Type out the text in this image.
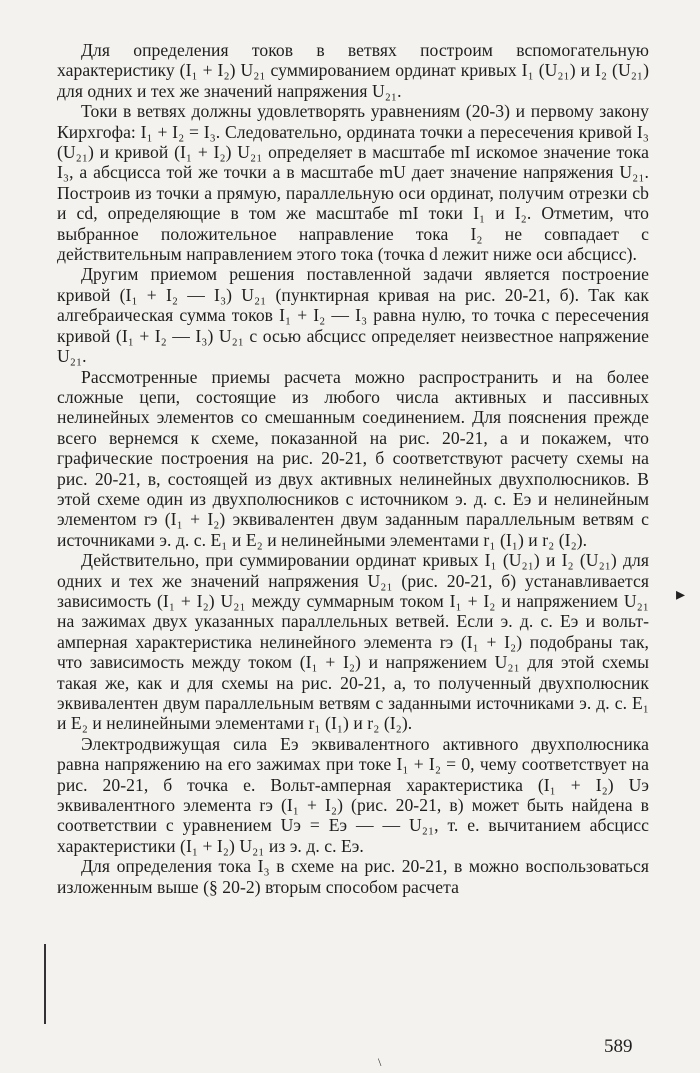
Для определения токов в ветвях построим вспомогательную характеристику (I₁ + I₂) U₂₁ суммированием ординат кривых I₁ (U₂₁) и I₂ (U₂₁) для одних и тех же значений напряжения U₂₁.

Токи в ветвях должны удовлетворять уравнениям (20-3) и первому закону Кирхгофа: I₁ + I₂ = I₃. Следовательно, ордината точки a пересечения кривой I₃ (U₂₁) и кривой (I₁ + I₂) U₂₁ определяет в масштабе mI искомое значение тока I₃, а абсцисса той же точки a в масштабе mU дает значение напряжения U₂₁. Построив из точки a прямую, параллельную оси ординат, получим отрезки cb и cd, определяющие в том же масштабе mI токи I₁ и I₂. Отметим, что выбранное положительное направление тока I₂ не совпадает с действительным направлением этого тока (точка d лежит ниже оси абсцисс).

Другим приемом решения поставленной задачи является построение кривой (I₁ + I₂ — I₃) U₂₁ (пунктирная кривая на рис. 20-21, б). Так как алгебраическая сумма токов I₁ + I₂ — I₃ равна нулю, то точка c пересечения кривой (I₁ + I₂ — I₃) U₂₁ с осью абсцисс определяет неизвестное напряжение U₂₁.

Рассмотренные приемы расчета можно распространить и на более сложные цепи, состоящие из любого числа активных и пассивных нелинейных элементов со смешанным соединением. Для пояснения прежде всего вернемся к схеме, показанной на рис. 20-21, а и покажем, что графические построения на рис. 20-21, б соответствуют расчету схемы на рис. 20-21, в, состоящей из двух активных нелинейных двухполюсников. В этой схеме один из двухполюсников с источником э. д. с. Eэ и нелинейным элементом rэ (I₁ + I₂) эквивалентен двум заданным параллельным ветвям с источниками э. д. с. E₁ и E₂ и нелинейными элементами r₁ (I₁) и r₂ (I₂).

Действительно, при суммировании ординат кривых I₁ (U₂₁) и I₂ (U₂₁) для одних и тех же значений напряжения U₂₁ (рис. 20-21, б) устанавливается зависимость (I₁ + I₂) U₂₁ между суммарным током I₁ + I₂ и напряжением U₂₁ на зажимах двух указанных параллельных ветвей. Если э. д. с. Eэ и вольт-амперная характеристика нелинейного элемента rэ (I₁ + I₂) подобраны так, что зависимость между током (I₁ + I₂) и напряжением U₂₁ для этой схемы такая же, как и для схемы на рис. 20-21, а, то полученный двухполюсник эквивалентен двум параллельным ветвям с заданными источниками э. д. с. E₁ и E₂ и нелинейными элементами r₁ (I₁) и r₂ (I₂).

Электродвижущая сила Eэ эквивалентного активного двухполюсника равна напряжению на его зажимах при токе I₁ + I₂ = 0, чему соответствует на рис. 20-21, б точка е. Вольт-амперная характеристика (I₁ + I₂) Uэ эквивалентного элемента rэ (I₁ + I₂) (рис. 20-21, в) может быть найдена в соответствии с уравнением Uэ = Eэ — — U₂₁, т. е. вычитанием абсцисс характеристики (I₁ + I₂) U₂₁ из э. д. с. Eэ.

Для определения тока I₃ в схеме на рис. 20-21, в можно воспользоваться изложенным выше (§ 20-2) вторым способом расчета

▸
\
589
